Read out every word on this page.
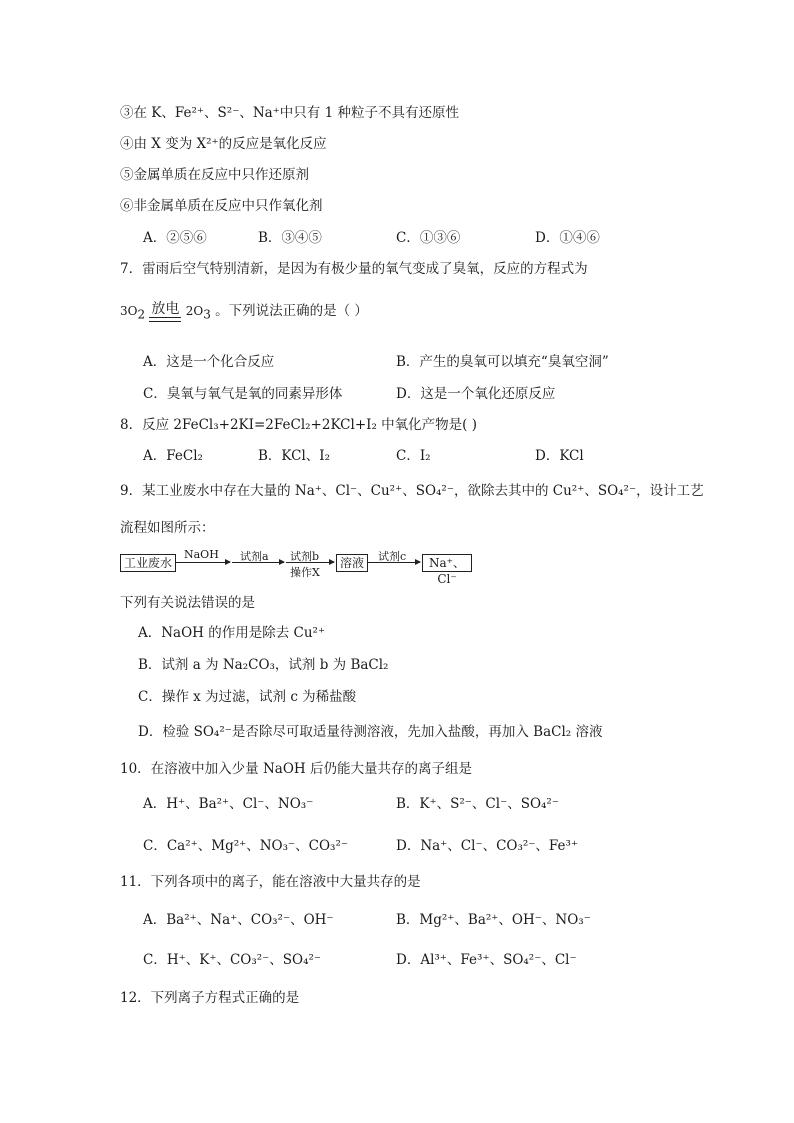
③在 K、Fe²⁺、S²⁻、Na⁺中只有 1 种粒子不具有还原性
④由 X 变为 X²⁺的反应是氧化反应
⑤金属单质在反应中只作还原剂
⑥非金属单质在反应中只作氧化剂
A．②⑤⑥	B．③④⑤	C．①③⑥	D．①④⑥
7．雷雨后空气特别清新，是因为有极少量的氧气变成了臭氧，反应的方程式为
$3O_2$ 放电 $2O_3$ 。下列说法正确的是（ ）
A．这是一个化合反应	B．产生的臭氧可以填充“臭氧空洞”
C．臭氧与氧气是氧的同素异形体	D．这是一个氧化还原反应
8．反应 2FeCl₃+2KI=2FeCl₂+2KCl+I₂ 中氧化产物是( )
A．FeCl₂	B．KCl、I₂	C．I₂	D．KCl
9．某工业废水中存在大量的 Na⁺、Cl⁻、Cu²⁺、SO₄²⁻，欲除去其中的 Cu²⁺、SO₄²⁻，设计工艺
流程如图所示：
工业废水
NaOH 试剂a 试剂b
操作X
溶液	试剂c	Na⁺、Cl⁻
下列有关说法错误的是
A．NaOH 的作用是除去 Cu²⁺
B．试剂 a 为 Na₂CO₃，试剂 b 为 BaCl₂
C．操作 x 为过滤，试剂 c 为稀盐酸
D．检验 SO₄²⁻是否除尽可取适量待测溶液，先加入盐酸，再加入 BaCl₂ 溶液
10．在溶液中加入少量 NaOH 后仍能大量共存的离子组是
A．H⁺、Ba²⁺、Cl⁻、NO₃⁻	B．K⁺、S²⁻、Cl⁻、SO₄²⁻
C．Ca²⁺、Mg²⁺、NO₃⁻、CO₃²⁻	D．Na⁺、Cl⁻、CO₃²⁻、Fe³⁺
11．下列各项中的离子，能在溶液中大量共存的是
A．Ba²⁺、Na⁺、CO₃²⁻、OH⁻	B．Mg²⁺、Ba²⁺、OH⁻、NO₃⁻
C．H⁺、K⁺、CO₃²⁻、SO₄²⁻	D．Al³⁺、Fe³⁺、SO₄²⁻、Cl⁻
12．下列离子方程式正确的是
